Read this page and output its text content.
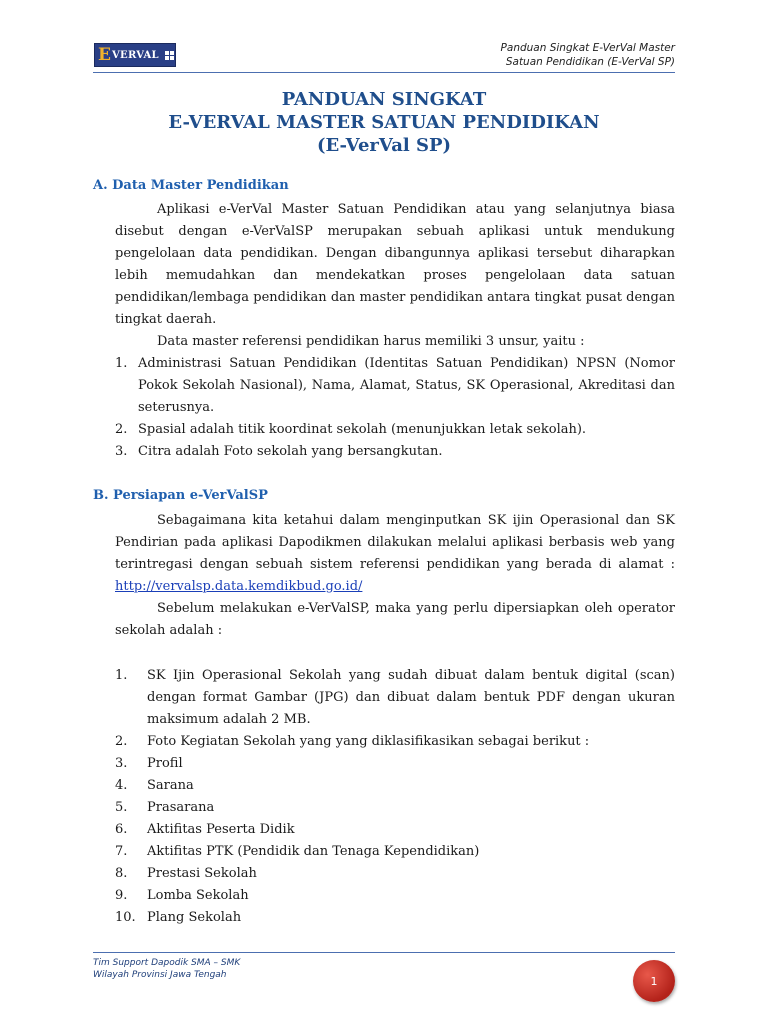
E VERVAL
Panduan Singkat E-VerVal Master
Satuan Pendidikan (E-VerVal SP)
PANDUAN SINGKAT
E-VERVAL MASTER SATUAN PENDIDIKAN
(E-VerVal SP)
A. Data Master Pendidikan

Aplikasi e-VerVal Master Satuan Pendidikan atau yang selanjutnya biasa disebut dengan e-VerValSP merupakan sebuah aplikasi untuk mendukung pengelolaan data pendidikan. Dengan dibangunnya aplikasi tersebut diharapkan lebih memudahkan dan mendekatkan proses pengelolaan data satuan pendidikan/lembaga pendidikan dan master pendidikan antara tingkat pusat dengan tingkat daerah.

Data master referensi pendidikan harus memiliki 3 unsur, yaitu :

1. Administrasi Satuan Pendidikan (Identitas Satuan Pendidikan) NPSN (Nomor Pokok Sekolah Nasional), Nama, Alamat, Status, SK Operasional, Akreditasi dan seterusnya.
2. Spasial adalah titik koordinat sekolah (menunjukkan letak sekolah).
3. Citra adalah Foto sekolah yang bersangkutan.
B. Persiapan e-VerValSP

Sebagaimana kita ketahui dalam menginputkan SK ijin Operasional dan SK Pendirian pada aplikasi Dapodikmen dilakukan melalui aplikasi berbasis web yang terintregasi dengan sebuah sistem referensi pendidikan yang berada di alamat : http://vervalsp.data.kemdikbud.go.id/

Sebelum melakukan e-VerValSP, maka yang perlu dipersiapkan oleh operator sekolah adalah :

1. SK Ijin Operasional Sekolah yang sudah dibuat dalam bentuk digital (scan) dengan format Gambar (JPG) dan dibuat dalam bentuk PDF dengan ukuran maksimum adalah 2 MB.
2. Foto Kegiatan Sekolah yang yang diklasifikasikan sebagai berikut :
3. Profil
4. Sarana
5. Prasarana
6. Aktifitas Peserta Didik
7. Aktifitas PTK (Pendidik dan Tenaga Kependidikan)
8. Prestasi Sekolah
9. Lomba Sekolah
10. Plang Sekolah
Tim Support Dapodik SMA – SMK
Wilayah Provinsi Jawa Tengah	1
